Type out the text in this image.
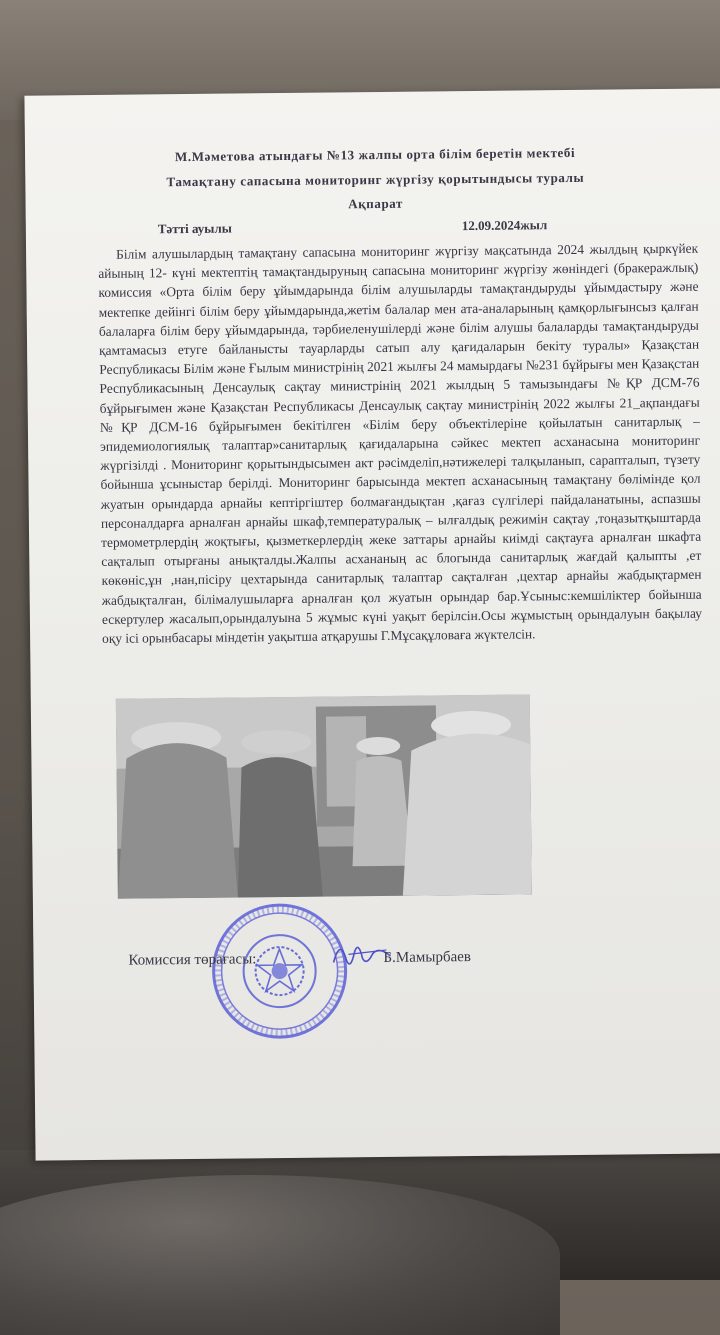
М.Мәметова атындағы №13 жалпы орта білім беретін мектебі
Тамақтану сапасына мониторинг жүргізу қорытындысы туралы
Ақпарат
Тәтті ауылы	12.09.2024жыл
Білім алушылардың тамақтану сапасына мониторинг жүргізу мақсатында 2024 жылдың қыркүйек айының 12- күні мектептің тамақтандыруның сапасына мониторинг жүргізу жөніндегі (бракеражлық) комиссия «Орта білім беру ұйымдарында білім алушыларды тамақтандыруды ұйымдастыру және мектепке дейінгі білім беру ұйымдарында,жетім балалар мен ата-аналарының қамқорлығынсыз қалған балаларға білім беру ұйымдарында, тәрбиеленушілерді және білім алушы балаларды тамақтандыруды қамтамасыз етуге байланысты тауарларды сатып алу қағидаларын бекіту туралы» Қазақстан Республикасы Білім және Ғылым министрінің 2021 жылғы 24 мамырдағы №231 бұйрығы мен Қазақстан Республикасының Денсаулық сақтау министрінің 2021 жылдың 5 тамызындағы №ҚР ДСМ-76 бұйрығымен және Қазақстан Республикасы Денсаулық сақтау министрінің 2022 жылғы 21_ақпандағы №ҚР ДСМ-16 бұйрығымен бекітілген «Білім беру объектілеріне қойылатын санитарлық –эпидемиологиялық талаптар»санитарлық қағидаларына сәйкес мектеп асханасына мониторинг жүргізілді . Мониторинг қорытындысымен акт рәсімделіп,нәтижелері талқыланып, сарапталып, түзету бойынша ұсыныстар берілді. Мониторинг барысында мектеп асханасының тамақтану бөлімінде қол жуатын орындарда арнайы кептіргіштер болмағандықтан ,қағаз сүлгілері пайдаланатыны, аспазшы персоналдарға арналған арнайы шкаф,температуралық – ылғалдық режимін сақтау ,тоңазытқыштарда термометрлердің жоқтығы, қызметкерлердің жеке заттары арнайы киімді сақтауға арналған шкафта сақталып отырғаны анықталды.Жалпы асхананың ас блогында санитарлық жағдай қалыпты ,ет көкөніс,ұн ,нан,пісіру цехтарында санитарлық талаптар сақталған ,цехтар арнайы жабдықтармен жабдықталған, білімалушыларға арналған қол жуатын орындар бар.Ұсыныс:кемшіліктер бойынша ескертулер жасалып,орындалуына 5 жұмыс күні уақыт берілсін.Осы жұмыстың орындалуын бақылау оқу ісі орынбасары міндетін уақытша атқарушы Г.Мұсақұловаға жүктелсін.
Комиссия төрағасы:	Б.Мамырбаев
